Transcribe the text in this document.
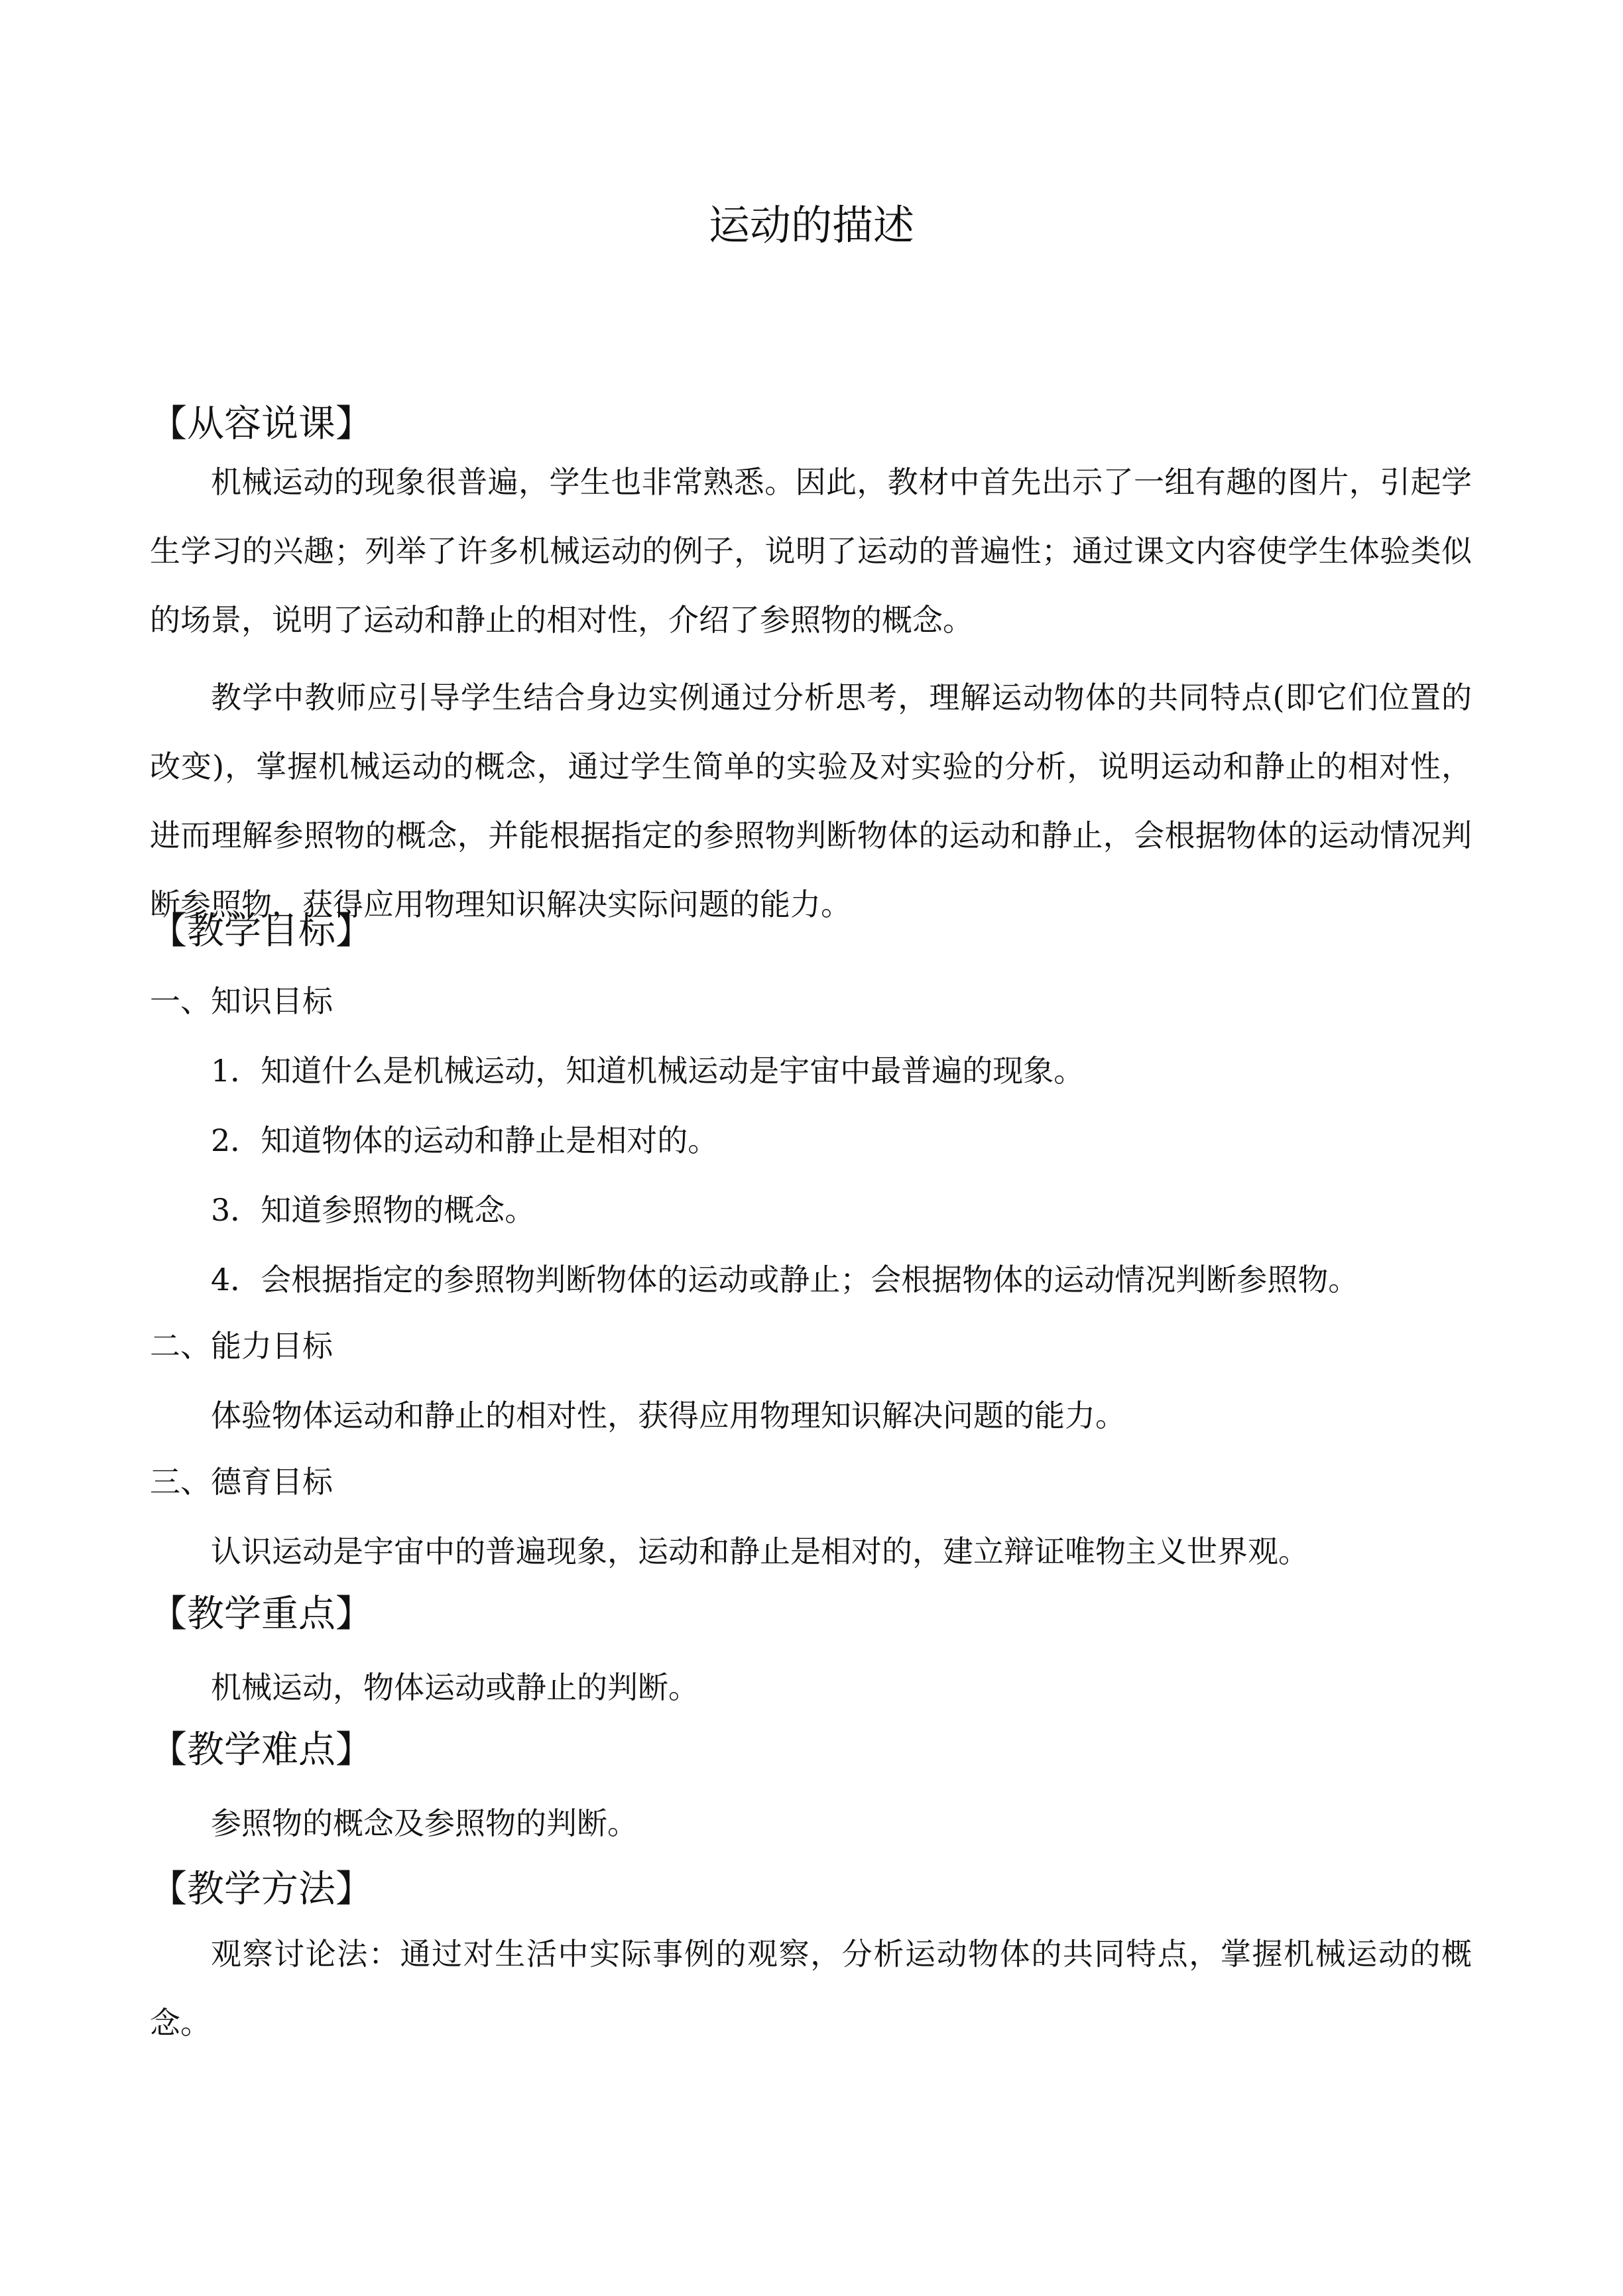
运动的描述
【从容说课】

机械运动的现象很普遍，学生也非常熟悉。因此，教材中首先出示了一组有趣的图片，引起学生学习的兴趣；列举了许多机械运动的例子，说明了运动的普遍性；通过课文内容使学生体验类似的场景，说明了运动和静止的相对性，介绍了参照物的概念。

教学中教师应引导学生结合身边实例通过分析思考，理解运动物体的共同特点(即它们位置的改变)，掌握机械运动的概念，通过学生简单的实验及对实验的分析，说明运动和静止的相对性，进而理解参照物的概念，并能根据指定的参照物判断物体的运动和静止，会根据物体的运动情况判断参照物，获得应用物理知识解决实际问题的能力。

【教学目标】
一、知识目标
1．知道什么是机械运动，知道机械运动是宇宙中最普遍的现象。
2．知道物体的运动和静止是相对的。
3．知道参照物的概念。
4．会根据指定的参照物判断物体的运动或静止；会根据物体的运动情况判断参照物。
二、能力目标
体验物体运动和静止的相对性，获得应用物理知识解决问题的能力。
三、德育目标
认识运动是宇宙中的普遍现象，运动和静止是相对的，建立辩证唯物主义世界观。
【教学重点】
机械运动，物体运动或静止的判断。
【教学难点】
参照物的概念及参照物的判断。
【教学方法】

观察讨论法：通过对生活中实际事例的观察，分析运动物体的共同特点，掌握机械运动的概念。
